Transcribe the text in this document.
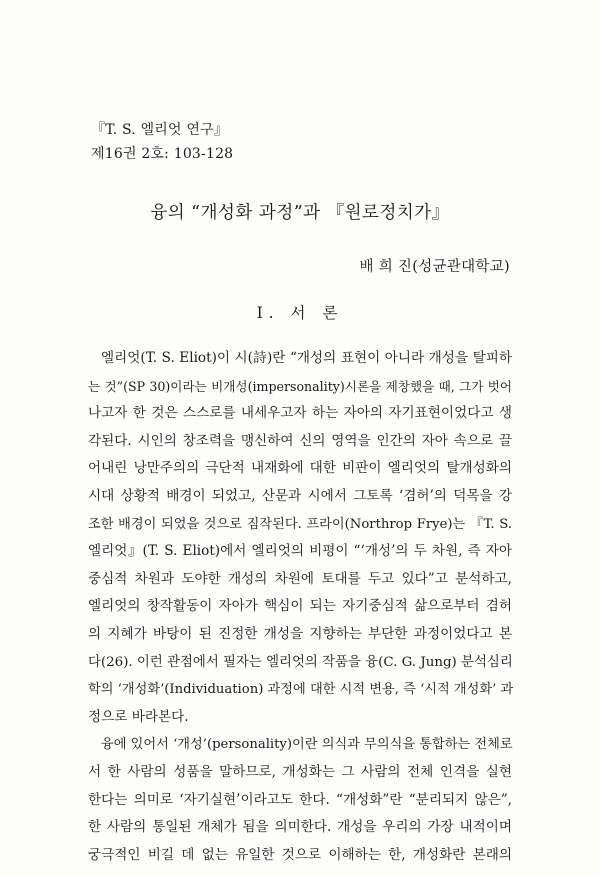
『T. S. 엘리엇 연구』
제16권 2호: 103-128
융의 “개성화 과정”과 『원로정치가』
배 희 진(성균관대학교)
I. 서 론
엘리엇(T. S. Eliot)이 시(詩)란 “개성의 표현이 아니라 개성을 탈피하
는 것”(SP 30)이라는 비개성(impersonality)시론을 제창했을 때, 그가 벗어
나고자 한 것은 스스로를 내세우고자 하는 자아의 자기표현이었다고 생
각된다. 시인의 창조력을 맹신하여 신의 영역을 인간의 자아 속으로 끌
어내린 낭만주의의 극단적 내재화에 대한 비판이 엘리엇의 탈개성화의
시대 상황적 배경이 되었고, 산문과 시에서 그토록 ‘겸허’의 덕목을 강
조한 배경이 되었을 것으로 짐작된다. 프라이(Northrop Frye)는 『T. S.
엘리엇』(T. S. Eliot)에서 엘리엇의 비평이 “‘개성’의 두 차원, 즉 자아
중심적 차원과 도야한 개성의 차원에 토대를 두고 있다”고 분석하고,
엘리엇의 창작활동이 자아가 핵심이 되는 자기중심적 삶으로부터 겸허
의 지혜가 바탕이 된 진정한 개성을 지향하는 부단한 과정이었다고 본
다(26). 이런 관점에서 필자는 엘리엇의 작품을 융(C. G. Jung) 분석심리
학의 ‘개성화’(Individuation) 과정에 대한 시적 변용, 즉 ‘시적 개성화’ 과
정으로 바라본다.
융에 있어서 ‘개성’(personality)이란 의식과 무의식을 통합하는 전체로
서 한 사람의 성품을 말하므로, 개성화는 그 사람의 전체 인격을 실현
한다는 의미로 ‘자기실현’이라고도 한다. “개성화”란 “분리되지 않은”,
한 사람의 통일된 개체가 됨을 의미한다. 개성을 우리의 가장 내적이며
궁극적인 비길 데 없는 유일한 것으로 이해하는 한, 개성화란 본래의
